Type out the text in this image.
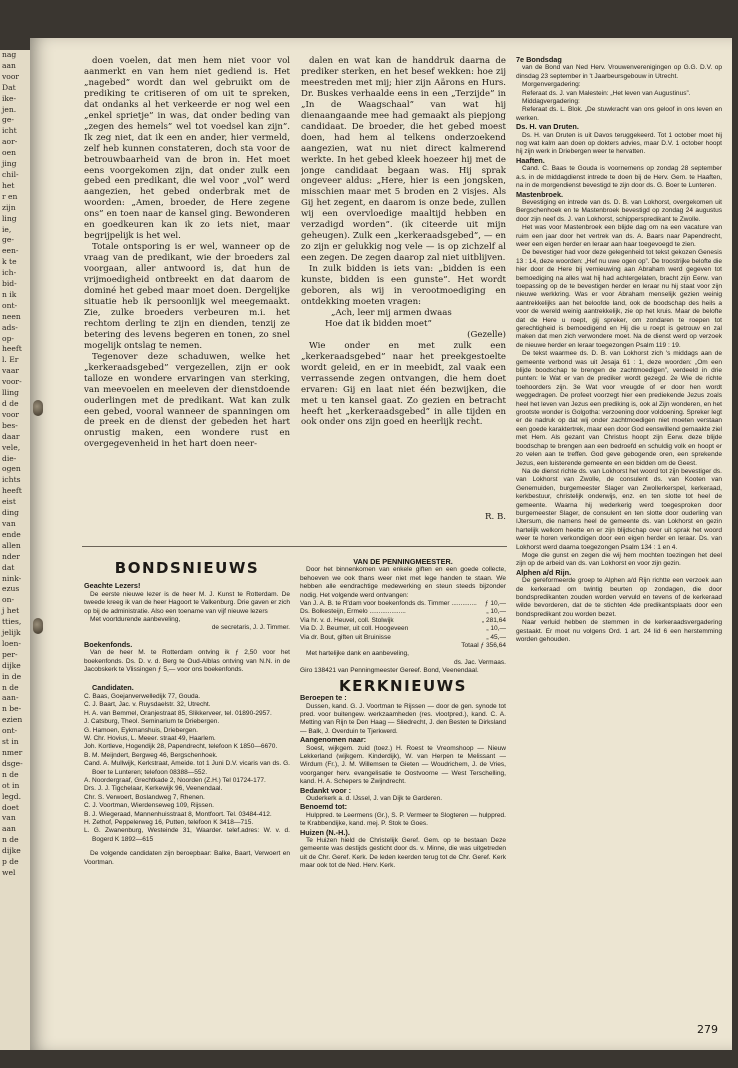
nag
aan
voor
Dat
ike-
jen.
ge-
icht
aor-
oen
jing
chil-
het
r en
zijn
ling
ie,
ge-
een-
k te
ich-
bid-
n ik
ont-
neen
ads-
op-
heeft
l. Er
vaar
voor-
lling
d de
voor
bes-
daar
vele,
die-
ogen
ichts
heeft
eist
ding
van
ende
allen
nder
dat
nink-
ezus
on-
j het
tties,
jelijk
loen-
per-
dijke
in de
n de
aan-
n be-
ezien
ont-
st in
nmer
dsge-
n de
ot in
legd.
doet
van
aan
n de
dijke
p de
wel

doen voelen, dat men hem niet voor vol aanmerkt en van hem niet gediend is. Het „nagebed” wordt dan wel gebruikt om de prediking te critiseren of om uit te spreken, dat ondanks al het verkeerde er nog wel een „enkel sprietje” in was, dat onder beding van „zegen des hemels” wel tot voedsel kan zijn”. Ik zeg niet, dat ik een en ander, hier vermeld, zelf heb kunnen constateren, doch sta voor de betrouwbaarheid van de bron in. Het moet eens voorgekomen zijn, dat onder zulk een gebed een predikant, die wel voor „vol” werd aangezien, het gebed onderbrak met de woorden: „Amen, broeder, de Here zegene ons” en toen naar de kansel ging. Bewonderen en goedkeuren kan ik zo iets niet, maar begrijpelijk is het wel.

Totale ontsporing is er wel, wanneer op de vraag van de predikant, wie der broeders zal voorgaan, aller antwoord is, dat hun de vrijmoedigheid ontbreekt en dat daarom de dominé het gebed maar moet doen. Dergelijke situatie heb ik persoonlijk wel meegemaakt. Zie, zulke broeders verbeuren m.i. het rechtom derling te zijn en dienden, tenzij ze betering des levens begeren en tonen, zo snel mogelijk ontslag te nemen.

Tegenover deze schaduwen, welke het „kerkeraadsgebed” vergezellen, zijn er ook talloze en wondere ervaringen van sterking, van meevoelen en meeleven der dienstdoende ouderlingen met de predikant. Wat kan zulk een gebed, vooral wanneer de spanningen om de preek en de dienst der gebeden het hart onrustig maken, een wondere rust en overgegevenheid in het hart doen neer-

dalen en wat kan de handdruk daarna de prediker sterken, en het besef wekken: hoe zij meestreden met mij; hier zijn Aärons en Hurs. Dr. Buskes verhaalde eens in een „Terzijde” in „In de Waagschaal” van wat hij dienaangaande mee had gemaakt als piepjong candidaat. De broeder, die het gebed moest doen, had hem al telkens onderzoekend aangezien, wat nu niet direct kalmerend werkte. In het gebed kleek hoezeer hij met de jonge candidaat begaan was. Hij sprak ongeveer aldus: „Here, hier is een jongsken, misschien maar met 5 broden en 2 visjes. Als Gij het zegent, en daarom is onze bede, zullen wij een overvloedige maaltijd hebben en verzadigd worden”. (ik citeerde uit mijn geheugen). Zulk een „kerkeraadsgebed”, — en zo zijn er gelukkig nog vele — is op zichzelf al een zegen. De zegen daarop zal niet uitblijven.

In zulk bidden is iets van: „bidden is een kunste, bidden is een gunste”. Het wordt geboren, als wij in verootmoediging en ontdekking moeten vragen:

„Ach, leer mij armen dwaas

Hoe dat ik bidden moet”

(Gezelle)

Wie onder en met zulk een „kerkeraadsgebed” naar het preekgestoelte wordt geleid, en er in meebidt, zal vaak een verrassende zegen ontvangen, die hem doet ervaren: Gij en laat niet één bezwijken, die met u ten kansel gaat. Zo gezien en betracht heeft het „kerkeraadsgebed” in alle tijden en ook onder ons zijn goed en heerlijk recht.

R. B.
BONDSNIEUWS

Geachte Lezers!

De eerste nieuwe lezer is de heer M. J. Kunst te Rotterdam. De tweede kreeg ik van de heer Hagoort te Valkenburg. Drie gaven er zich op bij de administratie. Also een toename van vijf nieuwe lezers

Met voortdurende aanbeveling,

de secretaris, J. J. Timmer.

Boekenfonds.

Van de heer M. te Rotterdam ontving ik ƒ 2,50 voor het boekenfonds. Ds. D. v. d. Berg te Oud-Alblas ontving van N.N. in de Jacobskerk te Vlissingen ƒ 5,— voor ons boekenfonds.

Candidaten.

C. Baas, Goejanverwelledijk 77, Gouda.

C. J. Baart, Jac. v. Ruysdaelstr. 32, Utrecht.

H. A. van Bemmel, Oranjestraat 85, Slikkerveer, tel. 01890-2957.

J. Catsburg, Theol. Seminarium te Driebergen.

G. Hamoen, Eykmanshuis, Driebergen.

W. Chr. Hovius, L. Meeer. straat 49, Haarlem.

Joh. Kortleve, Hogendijk 28, Papendrecht, telefoon K 1850—6670.

B. M. Meijndert, Bergweg 46, Bergschenhoek.

Cand. A. Mullwijk, Kerkstraat, Ameide. tot 1 Juni D.V. vicaris van ds. G. Boer te Lunteren; telefoon 08388—552.

A. Noordergraaf, Grechtkade 2, Noorden (Z.H.) Tel 01724-177.

Drs. J. J. Tigchelaar, Kerkewijk 96, Veenendaal.

Chr. S. Verwoert, Boslandweg 7, Rhenen.

C. J. Voortman, Wierdenseweg 109, Rijssen.

B. J. Wiegeraad, Mannenhuisstraat 8, Montfoort. Tel. 03484-412.

H. Zethof, Peppelerweg 16, Putten, telefoon K 3418—715.

L. G. Zwanenburg, Westeinde 31, Waarder. telef.adres: W. v. d. Bogerd K 1892—615

De volgende candidaten zijn beroepbaar: Balke, Baart, Verwoert en Voortman.

VAN DE PENNINGMEESTER.

Door het binnenkomen van enkele giften en een goede collecte, behoeven we ook thans weer niet met lege handen te staan. We hebben alle eendrachtige medewerking en steun steeds bijzonder nodig. Het volgende werd ontvangen:

Van J. A. B. te R'dam voor boekenfonds ds. Timmer .............. ƒ 10,—
Ds. Bolkesteijn, Ermelo ....................	„ 10,—
Via hr. v. d. Heuvel, coll. Stolwijk	„ 281,64
Via D. J. Beumer, uit coll. Hoogeveen	„ 10,—
Via dr. Bout, giften uit Bruinisse	„ 45,—

Totaal ƒ 356,64

Met hartelijke dank en aanbeveling,

ds. Jac. Vermaas.

Giro 138421 van Penningmeester Gereef. Bond, Veenendaal.

KERKNIEUWS

Beroepen te :

Dussen, kand. G. J. Voortman te Rijssen — door de gen. synode tot pred. voor buitengew. werkzaamheden (res. vlootpred.), kand. C. A. Metting van Rijn te Den Haag — Sliedrecht, J. den Besten te Dirksland — Balk, J. Overduin te Tjerkwerd.

Aangenomen naar:

Soest, wijkgem. zuid (toez.) H. Roest te Vreomshoop — Nieuw Lekkerland (wijkgem. Kinderdijk), W. van Herpen te Melissant — Wirdum (Fr.), J. M. Willemsen te Gieten — Woudrichem, J. de Vries, voorganger herv. evangelisatie te Oostvoorne — West Terschelling, kand. H. A. Schepers te Zwijndrecht.

Bedankt voor :

Ouderkerk a. d. IJssel, J. van Dijk te Garderen.

Benoemd tot:

Hulppred. te Leermens (Gr.), S. P. Vermeer te Slogteren — hulppred. te Krabbendijke, kand. mej. P. Stok te Goes.

Huizen (N.-H.).

Te Huizen hield de Christelijk Geref. Gem. op te bestaan Deze gemeente was destijds gesticht door ds. v. Minne, die was uitgetreden uit de Chr. Geref. Kerk. De leden keerden terug tot de Chr. Geref. Kerk maar ook tot de Ned. Herv. Kerk.

7e Bondsdag

van de Bond van Ned Herv. Vrouwenverenigingen op G.G. D.V. op dinsdag 23 september in 't Jaarbeursgebouw in Utrecht.

Morgenvergadering:

Referaat ds. J. van Malestein: „Het leven van Augustinus”.

Middagvergadering:

Referaat ds. L. Blok. „De stuwkracht van ons geloof in ons leven en werken.

Ds. H. van Druten.

Ds. H. van Druten is uit Davos teruggekeerd. Tot 1 october moet hij nog wat kalm aan doen op dokters advies, maar D.V. 1 october hoopt hij zijn werk in Driebergen weer te hervatten.

Haaften.

Cand. C. Baas te Gouda is voornemens op zondag 28 september a.s. in de middagdienst intrede te doen bij de Herv. Gem. te Haaften, na in de morgendienst bevestigd te zijn door ds. G. Boer te Lunteren.

Mastenbroek.

Bevestiging en intrede van ds. D. B. van Lokhorst, overgekomen uit Bergschenhoek en te Mastenbroek bevestigd op zondag 24 augustus door zijn neef ds. J. van Lokhorst, schipperspredikant te Zwolle.

Het was voor Mastenbroek een blijde dag om na een vacature van ruim een jaar door het vertrek van ds. A. Baars naar Papendrecht, weer een eigen herder en leraar aan haar toegevoegd te zien.

De bevestiger had voor deze gelegenheid tot tekst gekozen Genesis 13 : 14, deze woorden: „Hef nu uwe ogen op”. De troostrijke belofte die hier door de Here bij vernieuwing aan Abraham werd gegeven tot bemoediging na alles wat hij had achtergelaten, bracht zijn Eerw. van toepassing op de te bevestigen herder en leraar nu hij staat voor zijn nieuwe werkkring. Was er voor Abraham menselijk gezien weinig aantrekkelijks aan het beloofde land, ook de boodschap des heils a voor de wereld weinig aantrekkelijk, zie op het kruis. Maar de belofte dat de Here u roept, gij spreker, om zondaren te roepen tot gerechtigheid is bemoedigend en Hij die u roept is getrouw en zal maken dat men zich verwondere moet. Na de dienst werd op verzoek de nieuwe herder en leraar toegezongen Psalm 119 : 19.

De tekst waarmee ds. D. B. van Lokhorst zich 's middags aan de gemeente verbond was uit Jesaja 61 : 1, deze woorden: „Om een blijde boodschap te brengen de zachtmoedigen”, verdeeld in drie punten: le Wat er van de prediker wordt gezegd. 2e Wie de richte toehoorders zijn. 3e Wat voor vreugde of er door hen wordt weggedragen. De profeet voorzegt hier een prediekende Jezus zoals heel het leven van Jezus een prediking is, ook al Zijn wonderen, en het grootste wonder is Golgotha: verzoening door voldoening. Spreker legt er de nadruk op dat wij onder zachtmoedigen niet moeten verstaan een goede karaktertrek, maar een door God eenswillend gemaakte ziel met Hem. Als gezant van Christus hoopt zijn Eerw. deze blijde boodschap te brengen aan een bedroefd en schuldig volk en hoopt er zo velen aan te treffen. God geve gebogende oren, een sprekende Jezus, een luisterende gemeente en een bidden om de Geest.

Na de dienst richte ds. van Lokhorst het woord tot zijn bevestiger ds. van Lokhorst van Zwolle, de consulent ds. van Kooten van Genemuiden, burgemeester Slager van Zwollerkerspel, kerkeraad, kerkbestuur, christelijk onderwijs, enz. en ten slotte tot heel de gemeente. Waarna hij wederkerig werd toegesproken door burgemeester Slager, de consulent en ten slotte door ouderling van IJtersum, die namens heel de gemeente ds. van Lokhorst en gezin hartelijk welkom heette en er zijn blijdschap over uit sprak het woord weer te horen verkondigen door een eigen herder en leraar. Ds. van Lokhorst werd daarna toegezongen Psalm 134 : 1 en 4.

Moge die gunst en zegen die wij hem mochten toezingen het deel zijn op de arbeid van ds. van Lokhorst en voor zijn gezin.

Alphen a/d Rijn.

De gereformeerde groep te Alphen a/d Rijn richtte een verzoek aan de kerkeraad om twintig beurten op zondagen, die door bondspredikanten zouden worden vervuld en tevens of de kerkeraad wilde bevorderen, dat de te stichten 4de predikantsplaats door een bondspredikant zou worden bezet.

Naar verluid hebben de stemmen in de kerkeraadsvergadering gestaakt. Er moet nu volgens Ord. 1 art. 24 lid 6 een herstemming worden gehouden.

279
